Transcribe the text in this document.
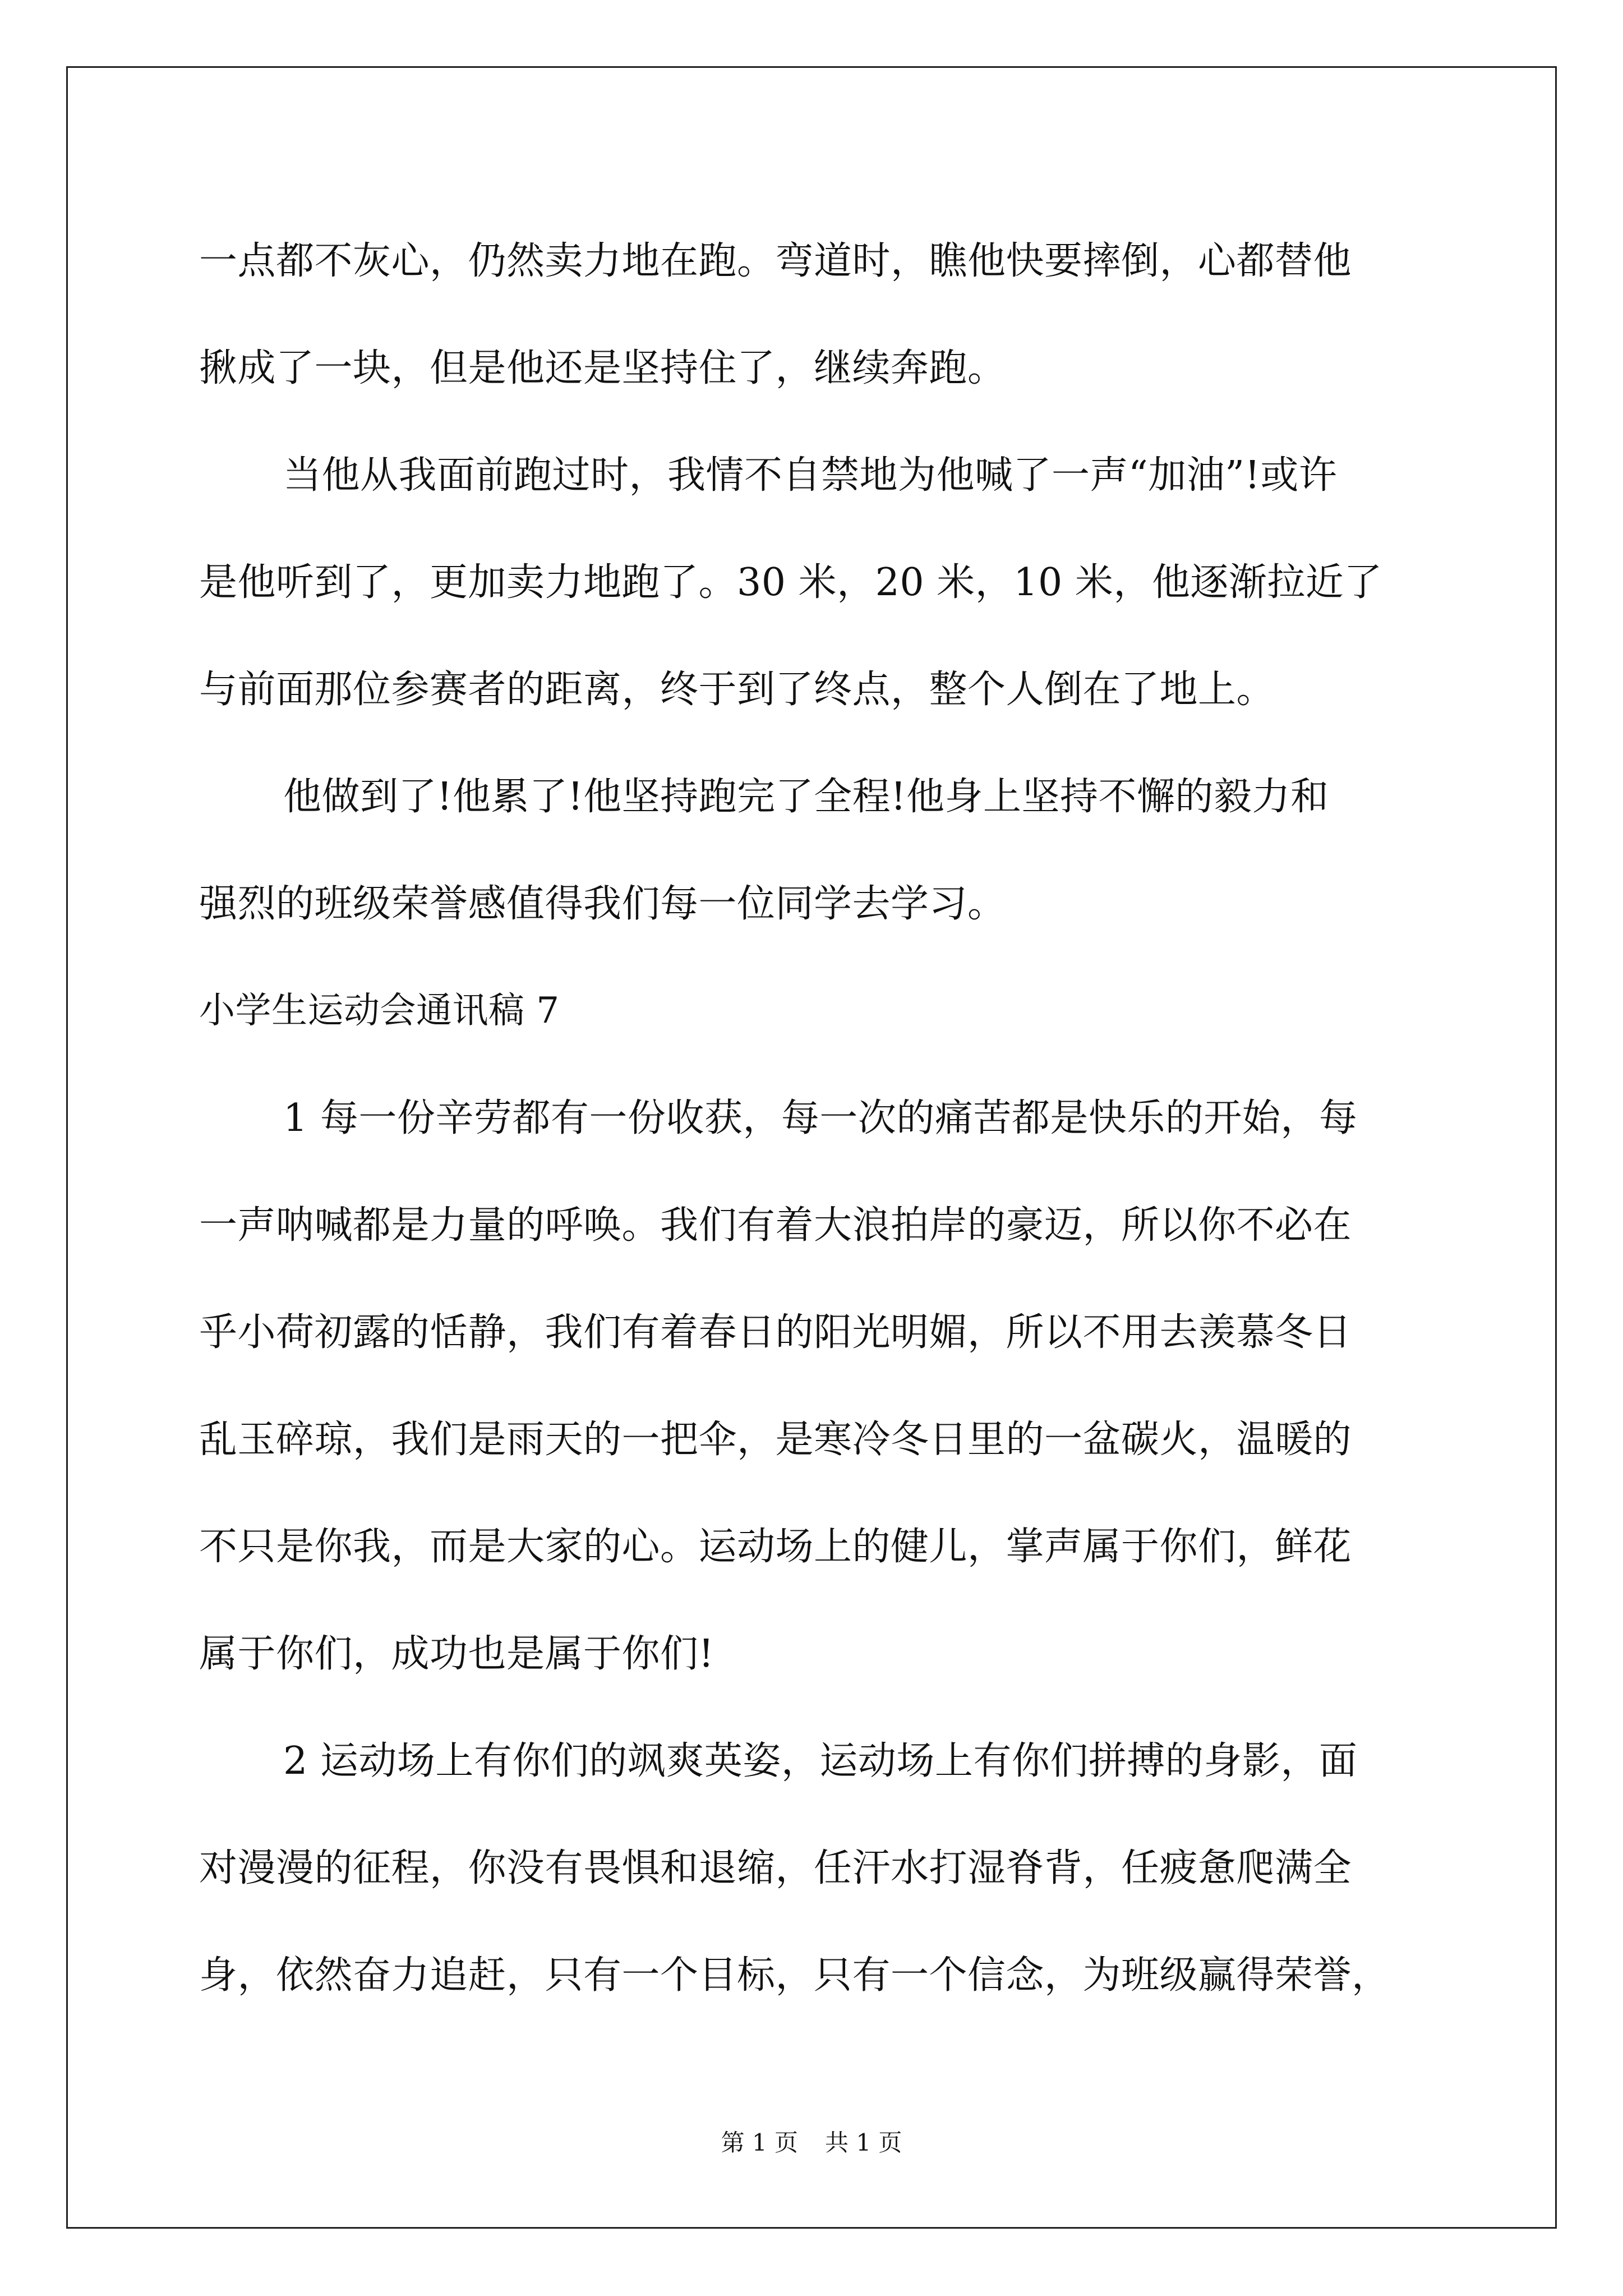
一点都不灰心，仍然卖力地在跑。弯道时，瞧他快要摔倒，心都替他
揪成了一块，但是他还是坚持住了，继续奔跑。
当他从我面前跑过时，我情不自禁地为他喊了一声“加油”!或许
是他听到了，更加卖力地跑了。30 米，20 米，10 米，他逐渐拉近了
与前面那位参赛者的距离，终于到了终点，整个人倒在了地上。
他做到了!他累了!他坚持跑完了全程!他身上坚持不懈的毅力和
强烈的班级荣誉感值得我们每一位同学去学习。
小学生运动会通讯稿 7
1 每一份辛劳都有一份收获，每一次的痛苦都是快乐的开始，每
一声呐喊都是力量的呼唤。我们有着大浪拍岸的豪迈，所以你不必在
乎小荷初露的恬静，我们有着春日的阳光明媚，所以不用去羡慕冬日
乱玉碎琼，我们是雨天的一把伞，是寒冷冬日里的一盆碳火，温暖的
不只是你我，而是大家的心。运动场上的健儿，掌声属于你们，鲜花
属于你们，成功也是属于你们!
2 运动场上有你们的飒爽英姿，运动场上有你们拼搏的身影，面
对漫漫的征程，你没有畏惧和退缩，任汗水打湿脊背，任疲惫爬满全
身，依然奋力追赶，只有一个目标，只有一个信念，为班级赢得荣誉，
第 1 页 共 1 页
